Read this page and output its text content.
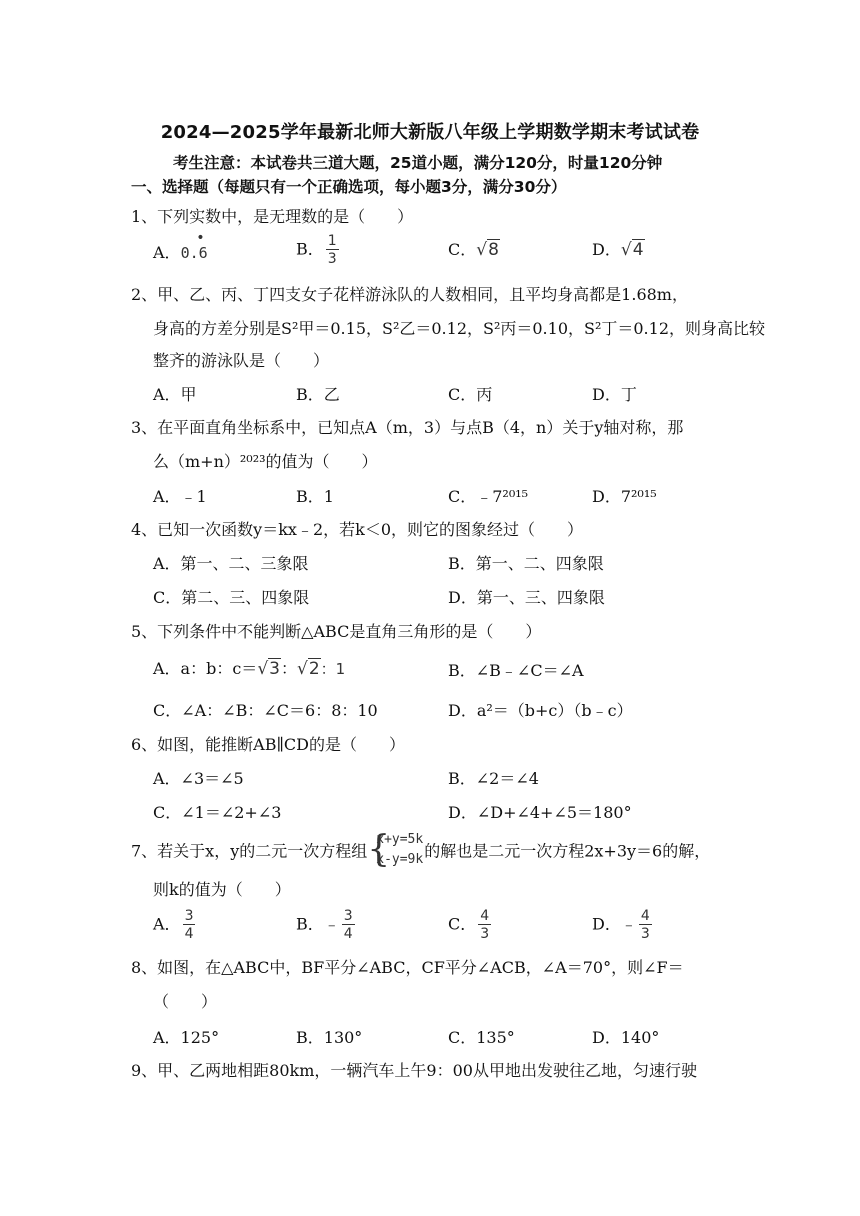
2024—2025学年最新北师大新版八年级上学期数学期末考试试卷
考生注意：本试卷共三道大题，25道小题，满分120分，时量120分钟
一、选择题（每题只有一个正确选项，每小题3分，满分30分）
1、下列实数中，是无理数的是（　　）
A．0.6
•
B． $\frac{1}{3}$	C．√8	D．√4
2、甲、乙、丙、丁四支女子花样游泳队的人数相同，且平均身高都是1.68m，
身高的方差分别是S²甲＝0.15，S²乙＝0.12，S²丙＝0.10，S²丁＝0.12，则身高比较
整齐的游泳队是（　　）
A．甲	B．乙	C．丙	D．丁
3、在平面直角坐标系中，已知点A（m，3）与点B（4，n）关于y轴对称，那
么（m+n）²⁰²³的值为（　　）
A．﹣1	B．1	C．﹣7²⁰¹⁵	D．7²⁰¹⁵
4、已知一次函数y＝kx﹣2，若k＜0，则它的图象经过（　　）
A．第一、二、三象限	B．第一、二、四象限
C．第二、三、四象限	D．第一、三、四象限
5、下列条件中不能判断△ABC是直角三角形的是（　　）
A．a：b：c＝√3：√2：1	B．∠B﹣∠C＝∠A
C．∠A：∠B：∠C＝6：8：10	D．a²＝（b+c）（b﹣c）
6、如图，能推断AB∥CD的是（　　）
A．∠3＝∠5	B．∠2＝∠4
C．∠1＝∠2+∠3	D．∠D+∠4+∠5＝180°
7、若关于x，y的二元一次方程组 {
x+y=5k
x-y=9k 的解也是二元一次方程2x+3y＝6的解，
则k的值为（　　）
A． $\frac{3}{4}$	B．﹣ $\frac{3}{4}$	C． $\frac{4}{3}$	D．﹣ $\frac{4}{3}$
8、如图，在△ABC中，BF平分∠ABC，CF平分∠ACB，∠A＝70°，则∠F＝
（　　）
A．125°	B．130°	C．135°	D．140°
9、甲、乙两地相距80km，一辆汽车上午9：00从甲地出发驶往乙地，匀速行驶
